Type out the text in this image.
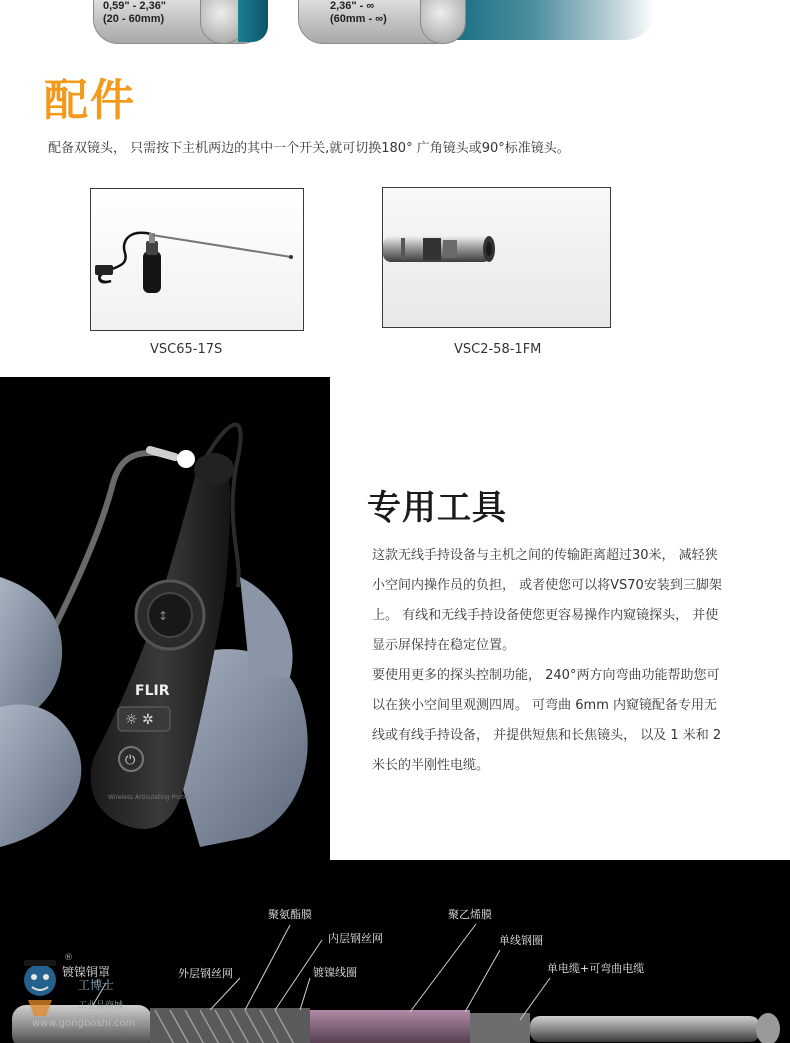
0,59" - 2,36"
(20 - 60mm)
2,36" - ∞
(60mm - ∞)
配件
配备双镜头， 只需按下主机两边的其中一个开关,就可切换180° 广角镜头或90°标准镜头。
VSC65-17S	VSC2-58-1FM
↕
FLIR
☼ ✲
⏻
Wireless Articulating Probe
专用工具

这款无线手持设备与主机之间的传输距离超过30米， 减轻狭

小空间内操作员的负担， 或者使您可以将VS70安装到三脚架

上。 有线和无线手持设备使您更容易操作内窥镜探头， 并使

显示屏保持在稳定位置。

要使用更多的探头控制功能， 240°两方向弯曲功能帮助您可

以在狭小空间里观测四周。 可弯曲 6mm 内窥镜配备专用无

线或有线手持设备， 并提供短焦和长焦镜头， 以及 1 米和 2

米长的半刚性电缆。

聚氨酯膜	聚乙烯膜
内层钢丝网	单线钢圈
外层钢丝网	镀镍线圈	单电缆+可弯曲电缆
镀镍铜罩
®
工博士
工业品商城
www.gongboshi.com
